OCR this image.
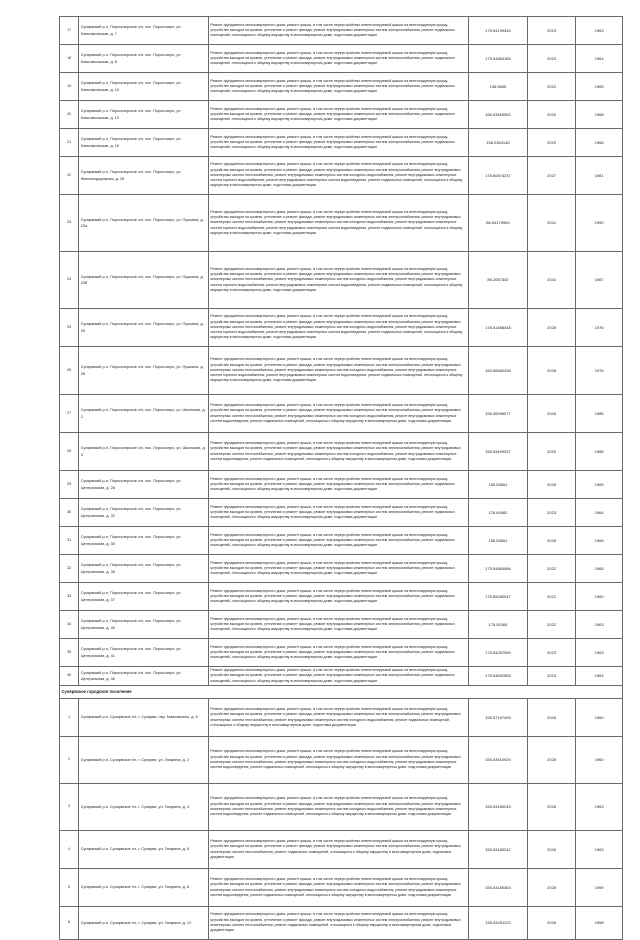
17	Суоярвский р-н, Поросозерское с/п, пос. Поросозеро, ул. Комсомольская, д. 7	Ремонт фундамента многоквартирного дома, ремонт крыши, в том числе переустройство невентилируемой крыши на вентилируемую крышу, устройство выходов на кровлю, утепление и ремонт фасада, ремонт внутридомовых инженерных систем электроснабжения, ремонт подвальных помещений, относящихся к общему имуществу в многоквартирном доме, подготовка документации	175.54199344	2023	1963
18	Суоярвский р-н, Поросозерское с/п, пос. Поросозеро, ул. Комсомольская, д. 8	Ремонт фундамента многоквартирного дома, ремонт крыши, в том числе переустройство невентилируемой крыши на вентилируемую крышу, устройство выходов на кровлю, утепление и ремонт фасада, ремонт внутридомовых инженерных систем электроснабжения, ремонт подвальных помещений, относящихся к общему имуществу в многоквартирном доме, подготовка документации	175.54884189	2023	1964
19	Суоярвский р-н, Поросозерское с/п, пос. Поросозеро, ул. Комсомольская, д. 10	Ремонт фундамента многоквартирного дома, ремонт крыши, в том числе переустройство невентилируемой крыши на вентилируемую крышу, устройство выходов на кровлю, утепление и ремонт фасада, ремонт внутридомовых инженерных систем электроснабжения, ремонт подвальных помещений, относящихся к общему имуществу в многоквартирном доме, подготовка документации	136.5805	2022	1965
20	Суоярвский р-н, Поросозерское с/п, пос. Поросозеро, ул. Комсомольская, д. 12	Ремонт фундамента многоквартирного дома, ремонт крыши, в том числе переустройство невентилируемой крыши на вентилируемую крышу, устройство выходов на кровлю, утепление и ремонт фасада, ремонт внутридомовых инженерных систем электроснабжения, ремонт подвальных помещений, относящихся к общему имуществу в многоквартирном доме, подготовка документации	156.53469962	2020	1968
21	Суоярвский р-н, Поросозерское с/п, пос. Поросозеро, ул. Комсомольская, д. 16	Ремонт фундамента многоквартирного дома, ремонт крыши, в том числе переустройство невентилируемой крыши на вентилируемую крышу, устройство выходов на кровлю, утепление и ремонт фасада, ремонт внутридомовых инженерных систем электроснабжения, ремонт подвальных помещений, относящихся к общему имуществу в многоквартирном доме, подготовка документации	156.2364146	2029	1968
22	Суоярвский р-н, Поросозерское с/п, пос. Поросозеро, ул. Железнодорожная, д. 25	Ремонт фундамента многоквартирного дома, ремонт крыши, в том числе переустройство невентилируемой крыши на вентилируемую крышу, устройство выходов на кровлю, утепление и ремонт фасада, ремонт внутридомовых инженерных систем электроснабжения, ремонт внутридомовых инженерных систем теплоснабжения, ремонт внутридомовых инженерных систем холодного водоснабжения, ремонт внутридомовых инженерных систем горячего водоснабжения, ремонт внутридомовых инженерных систем водоотведения, ремонт подвальных помещений, относящихся к общему имуществу в многоквартирном доме, подготовка документации	178.60874237	2027	1981
23	Суоярвский р-н, Поросозерское с/п, пос. Поросозеро, ул. Пушкина, д. 23а	Ремонт фундамента многоквартирного дома, ремонт крыши, в том числе переустройство невентилируемой крыши на вентилируемую крышу, устройство выходов на кровлю, утепление и ремонт фасада, ремонт внутридомовых инженерных систем электроснабжения, ремонт внутридомовых инженерных систем теплоснабжения, ремонт внутридомовых инженерных систем холодного водоснабжения, ремонт внутридомовых инженерных систем горячего водоснабжения, ремонт внутридомовых инженерных систем водоотведения, ремонт подвальных помещений, относящихся к общему имуществу в многоквартирном доме, подготовка документации	86.54170963	2041	1990
24	Суоярвский р-н, Поросозерское с/п, пос. Поросозеро, ул. Пушкина, д. 23б	Ремонт фундамента многоквартирного дома, ремонт крыши, в том числе переустройство невентилируемой крыши на вентилируемую крышу, устройство выходов на кровлю, утепление и ремонт фасада, ремонт внутридомовых инженерных систем электроснабжения, ремонт внутридомовых инженерных систем теплоснабжения, ремонт внутридомовых инженерных систем холодного водоснабжения, ремонт внутридомовых инженерных систем горячего водоснабжения, ремонт внутридомовых инженерных систем водоотведения, ремонт подвальных помещений, относящихся к общему имуществу в многоквартирном доме, подготовка документации	86.2087342	2041	1987
25	Суоярвский р-н, Поросозерское с/п, пос. Поросозеро, ул. Пушкина, д. 25	Ремонт фундамента многоквартирного дома, ремонт крыши, в том числе переустройство невентилируемой крыши на вентилируемую крышу, устройство выходов на кровлю, утепление и ремонт фасада, ремонт внутридомовых инженерных систем электроснабжения, ремонт внутридомовых инженерных систем теплоснабжения, ремонт внутридомовых инженерных систем холодного водоснабжения, ремонт внутридомовых инженерных систем горячего водоснабжения, ремонт внутридомовых инженерных систем водоотведения, ремонт подвальных помещений, относящихся к общему имуществу в многоквартирном доме, подготовка документации	178.61488448	2026	1976
26	Суоярвский р-н, Поросозерское с/п, пос. Поросозеро, ул. Пушкина, д. 26	Ремонт фундамента многоквартирного дома, ремонт крыши, в том числе переустройство невентилируемой крыши на вентилируемую крышу, устройство выходов на кровлю, утепление и ремонт фасада, ремонт внутридомовых инженерных систем электроснабжения, ремонт внутридомовых инженерных систем теплоснабжения, ремонт внутридомовых инженерных систем холодного водоснабжения, ремонт внутридомовых инженерных систем горячего водоснабжения, ремонт внутридомовых инженерных систем водоотведения, ремонт подвальных помещений, относящихся к общему имуществу в многоквартирном доме, подготовка документации	153.90682435	2028	1976
27	Суоярвский р-н, Поросозерское с/п, пос. Поросозеро, ул. Школьная, д. 2	Ремонт фундамента многоквартирного дома, ремонт крыши, в том числе переустройство невентилируемой крыши на вентилируемую крышу, устройство выходов на кровлю, утепление и ремонт фасада, ремонт внутридомовых инженерных систем электроснабжения, ремонт внутридомовых инженерных систем теплоснабжения, ремонт внутридомовых инженерных систем холодного водоснабжения, ремонт внутридомовых инженерных систем водоотведения, ремонт подвальных помещений, относящихся к общему имуществу в многоквартирном доме, подготовка документации	156.35396077	2026	1985
28	Суоярвский р-н, Поросозерское с/п, пос. Поросозеро, ул. Школьная, д. 3	Ремонт фундамента многоквартирного дома, ремонт крыши, в том числе переустройство невентилируемой крыши на вентилируемую крышу, устройство выходов на кровлю, утепление и ремонт фасада, ремонт внутридомовых инженерных систем электроснабжения, ремонт внутридомовых инженерных систем теплоснабжения, ремонт внутридомовых инженерных систем холодного водоснабжения, ремонт внутридомовых инженерных систем водоотведения, ремонт подвальных помещений, относящихся к общему имуществу в многоквартирном доме, подготовка документации	155.53499337	2020	1985
29	Суоярвский р-н, Поросозерское с/п, пос. Поросозеро, ул. Центральная, д. 28	Ремонт фундамента многоквартирного дома, ремонт крыши, в том числе переустройство невентилируемой крыши на вентилируемую крышу, устройство выходов на кровлю, утепление и ремонт фасада, ремонт внутридомовых инженерных систем электроснабжения, ремонт подвальных помещений, относящихся к общему имуществу в многоквартирном доме, подготовка документации	155.53651	2026	1965
30	Суоярвский р-н, Поросозерское с/п, пос. Поросозеро, ул. Центральная, д. 32	Ремонт фундамента многоквартирного дома, ремонт крыши, в том числе переустройство невентилируемой крыши на вентилируемую крышу, устройство выходов на кровлю, утепление и ремонт фасада, ремонт внутридомовых инженерных систем электроснабжения, ремонт подвальных помещений, относящихся к общему имуществу в многоквартирном доме, подготовка документации	176.64082	2023	1964
31	Суоярвский р-н, Поросозерское с/п, пос. Поросозеро, ул. Центральная, д. 35	Ремонт фундамента многоквартирного дома, ремонт крыши, в том числе переустройство невентилируемой крыши на вентилируемую крышу, устройство выходов на кровлю, утепление и ремонт фасада, ремонт внутридомовых инженерных систем электроснабжения, ремонт подвальных помещений, относящихся к общему имуществу в многоквартирном доме, подготовка документации	156.53651	2026	1966
32	Суоярвский р-н, Поросозерское с/п, пос. Поросозеро, ул. Центральная, д. 36	Ремонт фундамента многоквартирного дома, ремонт крыши, в том числе переустройство невентилируемой крыши на вентилируемую крышу, устройство выходов на кровлю, утепление и ремонт фасада, ремонт внутридомовых инженерных систем электроснабжения, ремонт подвальных помещений, относящихся к общему имуществу в многоквартирном доме, подготовка документации	175.54884086	2022	1965
33	Суоярвский р-н, Поросозерское с/п, пос. Поросозеро, ул. Центральная, д. 37	Ремонт фундамента многоквартирного дома, ремонт крыши, в том числе переустройство невентилируемой крыши на вентилируемую крышу, устройство выходов на кровлю, утепление и ремонт фасада, ремонт внутридомовых инженерных систем электроснабжения, ремонт подвальных помещений, относящихся к общему имуществу в многоквартирном доме, подготовка документации	175.55280047	2021	1960
34	Суоярвский р-н, Поросозерское с/п, пос. Поросозеро, ул. Центральная, д. 40	Ремонт фундамента многоквартирного дома, ремонт крыши, в том числе переустройство невентилируемой крыши на вентилируемую крышу, устройство выходов на кровлю, утепление и ремонт фасада, ремонт внутридомовых инженерных систем электроснабжения, ремонт подвальных помещений, относящихся к общему имуществу в многоквартирном доме, подготовка документации	175.54365	2022	1963
35	Суоярвский р-н, Поросозерское с/п, пос. Поросозеро, ул. Центральная, д. 41	Ремонт фундамента многоквартирного дома, ремонт крыши, в том числе переустройство невентилируемой крыши на вентилируемую крышу, устройство выходов на кровлю, утепление и ремонт фасада, ремонт внутридомовых инженерных систем электроснабжения, ремонт подвальных помещений, относящихся к общему имуществу в многоквартирном доме, подготовка документации	175.54257089	2023	1963
36	Суоярвский р-н, Поросозерское с/п, пос. Поросозеро, ул. Центральная, д. 46	Ремонт фундамента многоквартирного дома, ремонт крыши, в том числе переустройство невентилируемой крыши на вентилируемую крышу, устройство выходов на кровлю, утепление и ремонт фасада, ремонт внутридомовых инженерных систем электроснабжения, ремонт подвальных помещений, относящихся к общему имуществу в многоквартирном доме, подготовка документации	175.54892583	2023	1964
Суоярвское городское поселение					
1	Суоярвский р-н, Суоярвское г/п, г. Суоярви, пер. Маяковского, д. 5	Ремонт фундамента многоквартирного дома, ремонт крыши, в том числе переустройство невентилируемой крыши на вентилируемую крышу, устройство выходов на кровлю, утепление и ремонт фасада, ремонт внутридомовых инженерных систем электроснабжения, ремонт внутридомовых инженерных систем теплоснабжения, ремонт внутридомовых инженерных систем холодного водоснабжения, ремонт подвальных помещений, относящихся к общему имуществу в многоквартирном доме, подготовка документации	155.57197494	2026	1960
2	Суоярвский р-н, Суоярвское г/п, г. Суоярви, ул. Гагарина, д. 2	Ремонт фундамента многоквартирного дома, ремонт крыши, в том числе переустройство невентилируемой крыши на вентилируемую крышу, устройство выходов на кровлю, утепление и ремонт фасада, ремонт внутридомовых инженерных систем электроснабжения, ремонт внутридомовых инженерных систем теплоснабжения, ремонт внутридомовых инженерных систем холодного водоснабжения, ремонт внутридомовых инженерных систем водоотведения, ремонт подвальных помещений, относящихся к общему имуществу в многоквартирном доме, подготовка документации	155.53510929	2026	1960
3	Суоярвский р-н, Суоярвское г/п, г. Суоярви, ул. Гагарина, д. 4	Ремонт фундамента многоквартирного дома, ремонт крыши, в том числе переустройство невентилируемой крыши на вентилируемую крышу, устройство выходов на кровлю, утепление и ремонт фасада, ремонт внутридомовых инженерных систем электроснабжения, ремонт внутридомовых инженерных систем теплоснабжения, ремонт внутридомовых инженерных систем холодного водоснабжения, ремонт внутридомовых инженерных систем водоотведения, ремонт подвальных помещений, относящихся к общему имуществу в многоквартирном доме, подготовка документации	155.53180245	2026	1963
4	Суоярвский р-н, Суоярвское г/п, г. Суоярви, ул. Гагарина, д. 6	Ремонт фундамента многоквартирного дома, ремонт крыши, в том числе переустройство невентилируемой крыши на вентилируемую крышу, устройство выходов на кровлю, утепление и ремонт фасада, ремонт внутридомовых инженерных систем электроснабжения, ремонт внутридомовых инженерных систем теплоснабжения, ремонт подвальных помещений, относящихся к общему имуществу в многоквартирном доме, подготовка документации	155.53180242	2026	1963
5	Суоярвский р-н, Суоярвское г/п, г. Суоярви, ул. Гагарина, д. 8	Ремонт фундамента многоквартирного дома, ремонт крыши, в том числе переустройство невентилируемой крыши на вентилируемую крышу, устройство выходов на кровлю, утепление и ремонт фасада, ремонт внутридомовых инженерных систем электроснабжения, ремонт внутридомовых инженерных систем теплоснабжения, ремонт внутридомовых инженерных систем холодного водоснабжения, ремонт внутридомовых инженерных систем водоотведения, ремонт подвальных помещений, относящихся к общему имуществу в многоквартирном доме, подготовка документации	155.53180363	2026	1959
6	Суоярвский р-н, Суоярвское г/п, г. Суоярви, ул. Гагарина, д. 12	Ремонт фундамента многоквартирного дома, ремонт крыши, в том числе переустройство невентилируемой крыши на вентилируемую крышу, устройство выходов на кровлю, утепление и ремонт фасада, ремонт внутридомовых инженерных систем электроснабжения, ремонт внутридомовых инженерных систем теплоснабжения, ремонт подвальных помещений, относящихся к общему имуществу в многоквартирном доме, подготовка документации	155.53251123	2026	1958
